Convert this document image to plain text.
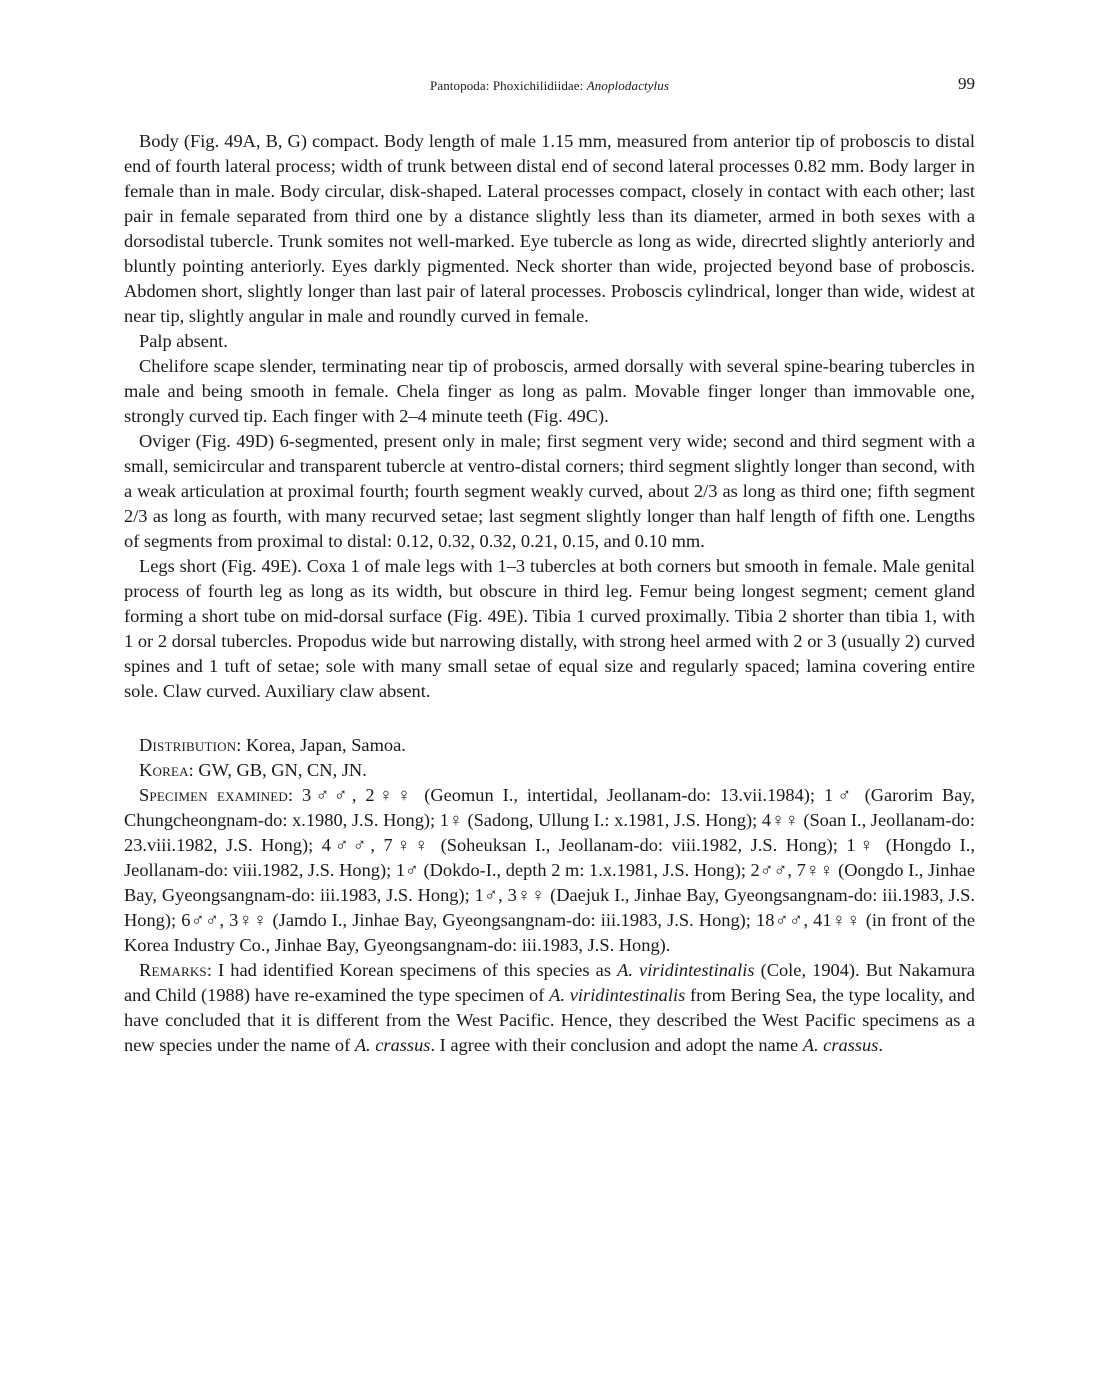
Pantopoda: Phoxichilidiidae: Anoplodactylus	99

Body (Fig. 49A, B, G) compact. Body length of male 1.15 mm, measured from anterior tip of proboscis to distal end of fourth lateral process; width of trunk between distal end of second lateral processes 0.82 mm. Body larger in female than in male. Body circular, disk-shaped. Lateral processes compact, closely in contact with each other; last pair in female separated from third one by a distance slightly less than its diameter, armed in both sexes with a dorsodistal tubercle. Trunk somites not well-marked. Eye tubercle as long as wide, direcrted slightly anteriorly and bluntly pointing anteriorly. Eyes darkly pigmented. Neck shorter than wide, projected beyond base of proboscis. Abdomen short, slightly longer than last pair of lateral processes. Proboscis cylindrical, longer than wide, widest at near tip, slightly angular in male and roundly curved in female.

Palp absent.

Chelifore scape slender, terminating near tip of proboscis, armed dorsally with several spine-bearing tubercles in male and being smooth in female. Chela finger as long as palm. Movable finger longer than immovable one, strongly curved tip. Each finger with 2–4 minute teeth (Fig. 49C).

Oviger (Fig. 49D) 6-segmented, present only in male; first segment very wide; second and third segment with a small, semicircular and transparent tubercle at ventro-distal corners; third segment slightly longer than second, with a weak articulation at proximal fourth; fourth segment weakly curved, about 2/3 as long as third one; fifth segment 2/3 as long as fourth, with many recurved setae; last segment slightly longer than half length of fifth one. Lengths of segments from proximal to distal: 0.12, 0.32, 0.32, 0.21, 0.15, and 0.10 mm.

Legs short (Fig. 49E). Coxa 1 of male legs with 1–3 tubercles at both corners but smooth in female. Male genital process of fourth leg as long as its width, but obscure in third leg. Femur being longest segment; cement gland forming a short tube on mid-dorsal surface (Fig. 49E). Tibia 1 curved proximally. Tibia 2 shorter than tibia 1, with 1 or 2 dorsal tubercles. Propodus wide but narrowing distally, with strong heel armed with 2 or 3 (usually 2) curved spines and 1 tuft of setae; sole with many small setae of equal size and regularly spaced; lamina covering entire sole. Claw curved. Auxiliary claw absent.

Distribution: Korea, Japan, Samoa.

Korea: GW, GB, GN, CN, JN.

Specimen examined: 3♂♂, 2♀♀ (Geomun I., intertidal, Jeollanam-do: 13.vii.1984); 1♂ (Garorim Bay, Chungcheongnam-do: x.1980, J.S. Hong); 1♀ (Sadong, Ullung I.: x.1981, J.S. Hong); 4♀♀ (Soan I., Jeollanam-do: 23.viii.1982, J.S. Hong); 4♂♂, 7♀♀ (Soheuksan I., Jeollanam-do: viii.1982, J.S. Hong); 1♀ (Hongdo I., Jeollanam-do: viii.1982, J.S. Hong); 1♂ (Dokdo-I., depth 2 m: 1.x.1981, J.S. Hong); 2♂♂, 7♀♀ (Oongdo I., Jinhae Bay, Gyeongsangnam-do: iii.1983, J.S. Hong); 1♂, 3♀♀ (Daejuk I., Jinhae Bay, Gyeongsangnam-do: iii.1983, J.S. Hong); 6♂♂, 3♀♀ (Jamdo I., Jinhae Bay, Gyeongsangnam-do: iii.1983, J.S. Hong); 18♂♂, 41♀♀ (in front of the Korea Industry Co., Jinhae Bay, Gyeongsangnam-do: iii.1983, J.S. Hong).

Remarks: I had identified Korean specimens of this species as A. viridintestinalis (Cole, 1904). But Nakamura and Child (1988) have re-examined the type specimen of A. viridintestinalis from Bering Sea, the type locality, and have concluded that it is different from the West Pacific. Hence, they described the West Pacific specimens as a new species under the name of A. crassus. I agree with their conclusion and adopt the name A. crassus.
